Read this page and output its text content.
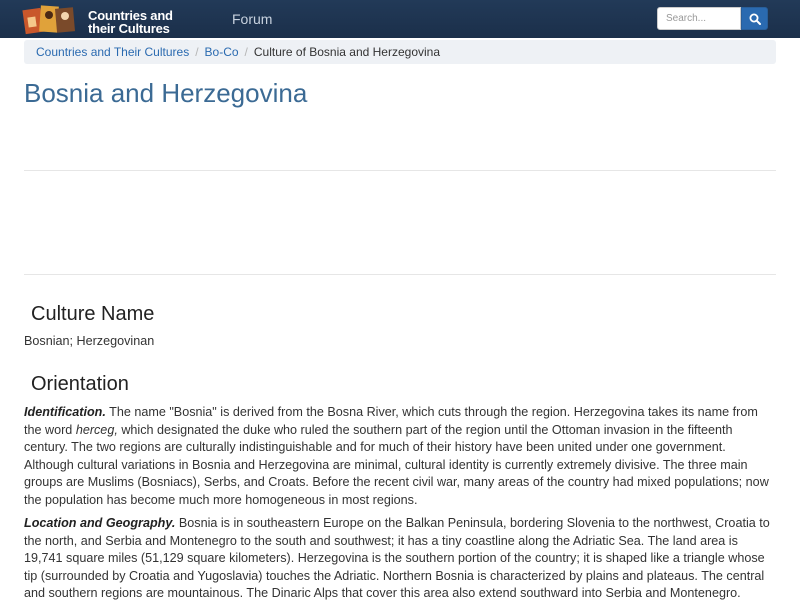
Countries and
their Cultures
Forum
Search...
Countries and Their Cultures / Bo-Co / Culture of Bosnia and Herzegovina
Bosnia and Herzegovina
Culture Name

Bosnian; Herzegovinan

Orientation

Identification. The name "Bosnia" is derived from the Bosna River, which cuts through the region. Herzegovina takes its name from the word herceg, which designated the duke who ruled the southern part of the region until the Ottoman invasion in the fifteenth century. The two regions are culturally indistinguishable and for much of their history have been united under one government. Although cultural variations in Bosnia and Herzegovina are minimal, cultural identity is currently extremely divisive. The three main groups are Muslims (Bosniacs), Serbs, and Croats. Before the recent civil war, many areas of the country had mixed populations; now the population has become much more homogeneous in most regions.

Location and Geography. Bosnia is in southeastern Europe on the Balkan Peninsula, bordering Slovenia to the northwest, Croatia to the north, and Serbia and Montenegro to the south and southwest; it has a tiny coastline along the Adriatic Sea. The land area is 19,741 square miles (51,129 square kilometers). Herzegovina is the southern portion of the country; it is shaped like a triangle whose tip (surrounded by Croatia and Yugoslavia) touches the Adriatic. Northern Bosnia is characterized by plains and plateaus. The central and southern regions are mountainous. The Dinaric Alps that cover this area also extend southward into Serbia and Montenegro.
